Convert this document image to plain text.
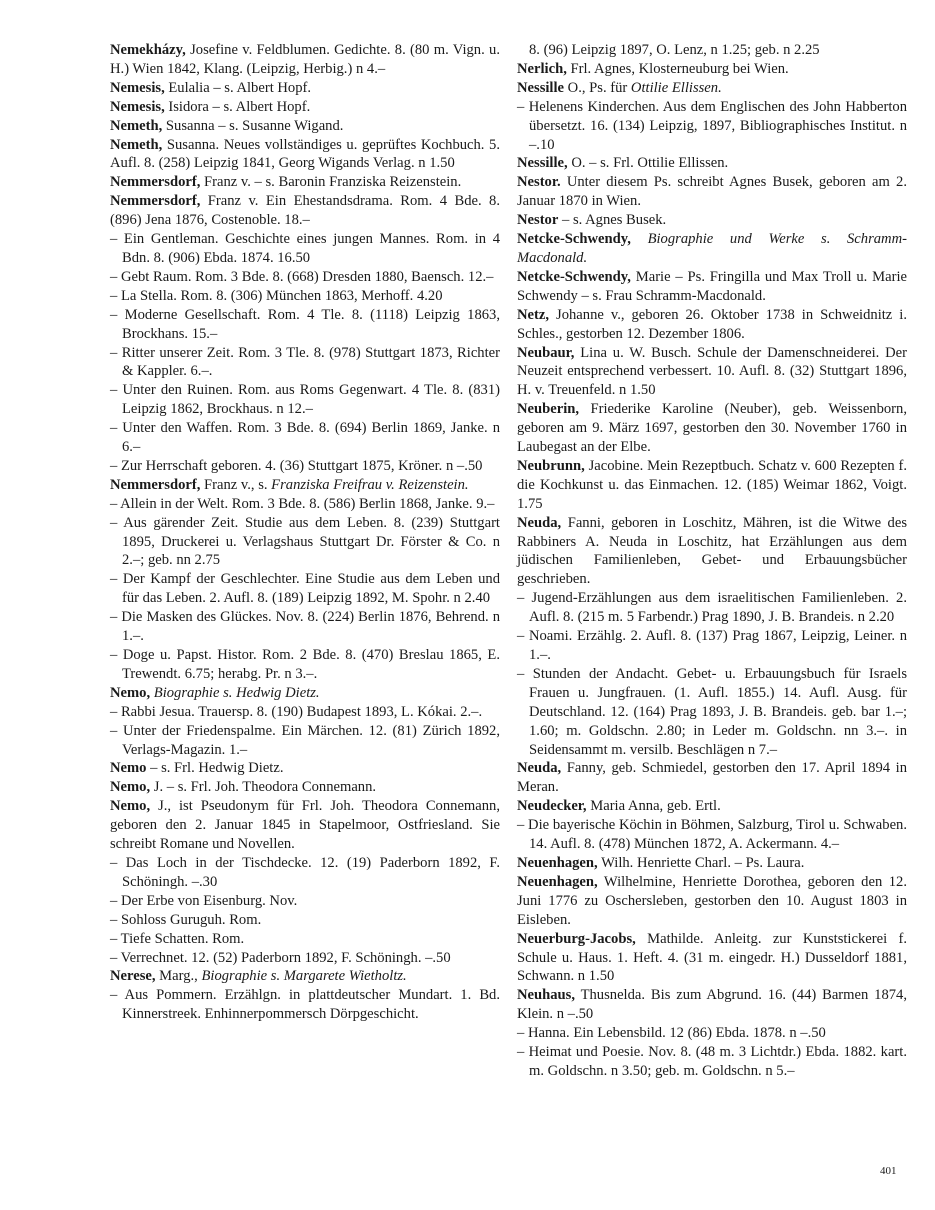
Nemekházy, Josefine v. Feldblumen. Gedichte. 8. (80 m. Vign. u. H.) Wien 1842, Klang. (Leipzig, Herbig.) n 4.–
Nemesis, Eulalia – s. Albert Hopf.
Nemesis, Isidora – s. Albert Hopf.
Nemeth, Susanna – s. Susanne Wigand.
Nemeth, Susanna. Neues vollständiges u. geprüftes Kochbuch. 5. Aufl. 8. (258) Leipzig 1841, Georg Wigands Verlag. n 1.50
Nemmersdorf, Franz v. – s. Baronin Franziska Reizenstein.
Nemmersdorf, Franz v. Ein Ehestandsdrama. Rom. 4 Bde. 8. (896) Jena 1876, Costenoble. 18.–
– Ein Gentleman. Geschichte eines jungen Mannes. Rom. in 4 Bdn. 8. (906) Ebda. 1874. 16.50
– Gebt Raum. Rom. 3 Bde. 8. (668) Dresden 1880, Baensch. 12.–
– La Stella. Rom. 8. (306) München 1863, Merhoff. 4.20
– Moderne Gesellschaft. Rom. 4 Tle. 8. (1118) Leipzig 1863, Brockhans. 15.–
– Ritter unserer Zeit. Rom. 3 Tle. 8. (978) Stuttgart 1873, Richter & Kappler. 6.–.
– Unter den Ruinen. Rom. aus Roms Gegenwart. 4 Tle. 8. (831) Leipzig 1862, Brockhaus. n 12.–
– Unter den Waffen. Rom. 3 Bde. 8. (694) Berlin 1869, Janke. n 6.–
– Zur Herrschaft geboren. 4. (36) Stuttgart 1875, Kröner. n –.50
Nemmersdorf, Franz v., s. Franziska Freifrau v. Reizenstein.
– Allein in der Welt. Rom. 3 Bde. 8. (586) Berlin 1868, Janke. 9.–
– Aus gärender Zeit. Studie aus dem Leben. 8. (239) Stuttgart 1895, Druckerei u. Verlagshaus Stuttgart Dr. Förster & Co. n 2.–; geb. nn 2.75
– Der Kampf der Geschlechter. Eine Studie aus dem Leben und für das Leben. 2. Aufl. 8. (189) Leipzig 1892, M. Spohr. n 2.40
– Die Masken des Glückes. Nov. 8. (224) Berlin 1876, Behrend. n 1.–.
– Doge u. Papst. Histor. Rom. 2 Bde. 8. (470) Breslau 1865, E. Trewendt. 6.75; herabg. Pr. n 3.–.
Nemo, Biographie s. Hedwig Dietz.
– Rabbi Jesua. Trauersp. 8. (190) Budapest 1893, L. Kókai. 2.–.
– Unter der Friedenspalme. Ein Märchen. 12. (81) Zürich 1892, Verlags-Magazin. 1.–
Nemo – s. Frl. Hedwig Dietz.
Nemo, J. – s. Frl. Joh. Theodora Connemann.
Nemo, J., ist Pseudonym für Frl. Joh. Theodora Connemann, geboren den 2. Januar 1845 in Stapelmoor, Ostfriesland. Sie schreibt Romane und Novellen.
– Das Loch in der Tischdecke. 12. (19) Paderborn 1892, F. Schöningh. –.30
– Der Erbe von Eisenburg. Nov.
– Sohloss Guruguh. Rom.
– Tiefe Schatten. Rom.
– Verrechnet. 12. (52) Paderborn 1892, F. Schöningh. –.50
Nerese, Marg., Biographie s. Margarete Wietholtz.
– Aus Pommern. Erzählgn. in plattdeutscher Mundart. 1. Bd. Kinnerstreek. Enhinnerpommersch Dörpgeschicht.
8. (96) Leipzig 1897, O. Lenz, n 1.25; geb. n 2.25
Nerlich, Frl. Agnes, Klosterneuburg bei Wien.
Nessille O., Ps. für Ottilie Ellissen.
– Helenens Kinderchen. Aus dem Englischen des John Habberton übersetzt. 16. (134) Leipzig, 1897, Bibliographisches Institut. n –.10
Nessille, O. – s. Frl. Ottilie Ellissen.
Nestor. Unter diesem Ps. schreibt Agnes Busek, geboren am 2. Januar 1870 in Wien.
Nestor – s. Agnes Busek.
Netcke-Schwendy, Biographie und Werke s. Schramm-Macdonald.
Netcke-Schwendy, Marie – Ps. Fringilla und Max Troll u. Marie Schwendy – s. Frau Schramm-Macdonald.
Netz, Johanne v., geboren 26. Oktober 1738 in Schweidnitz i. Schles., gestorben 12. Dezember 1806.
Neubaur, Lina u. W. Busch. Schule der Damenschneiderei. Der Neuzeit entsprechend verbessert. 10. Aufl. 8. (32) Stuttgart 1896, H. v. Treuenfeld. n 1.50
Neuberin, Friederike Karoline (Neuber), geb. Weissenborn, geboren am 9. März 1697, gestorben den 30. November 1760 in Laubegast an der Elbe.
Neubrunn, Jacobine. Mein Rezeptbuch. Schatz v. 600 Rezepten f. die Kochkunst u. das Einmachen. 12. (185) Weimar 1862, Voigt. 1.75
Neuda, Fanni, geboren in Loschitz, Mähren, ist die Witwe des Rabbiners A. Neuda in Loschitz, hat Erzählungen aus dem jüdischen Familienleben, Gebet- und Erbauungsbücher geschrieben.
– Jugend-Erzählungen aus dem israelitischen Familienleben. 2. Aufl. 8. (215 m. 5 Farbendr.) Prag 1890, J. B. Brandeis. n 2.20
– Noami. Erzählg. 2. Aufl. 8. (137) Prag 1867, Leipzig, Leiner. n 1.–.
– Stunden der Andacht. Gebet- u. Erbauungsbuch für Israels Frauen u. Jungfrauen. (1. Aufl. 1855.) 14. Aufl. Ausg. für Deutschland. 12. (164) Prag 1893, J. B. Brandeis. geb. bar 1.–; 1.60; m. Goldschn. 2.80; in Leder m. Goldschn. nn 3.–. in Seidensammt m. versilb. Beschlägen n 7.–
Neuda, Fanny, geb. Schmiedel, gestorben den 17. April 1894 in Meran.
Neudecker, Maria Anna, geb. Ertl.
– Die bayerische Köchin in Böhmen, Salzburg, Tirol u. Schwaben. 14. Aufl. 8. (478) München 1872, A. Ackermann. 4.–
Neuenhagen, Wilh. Henriette Charl. – Ps. Laura.
Neuenhagen, Wilhelmine, Henriette Dorothea, geboren den 12. Juni 1776 zu Oschersleben, gestorben den 10. August 1803 in Eisleben.
Neuerburg-Jacobs, Mathilde. Anleitg. zur Kunststickerei f. Schule u. Haus. 1. Heft. 4. (31 m. eingedr. H.) Dusseldorf 1881, Schwann. n 1.50
Neuhaus, Thusnelda. Bis zum Abgrund. 16. (44) Barmen 1874, Klein. n –.50
– Hanna. Ein Lebensbild. 12 (86) Ebda. 1878. n –.50
– Heimat und Poesie. Nov. 8. (48 m. 3 Lichtdr.) Ebda. 1882. kart. m. Goldschn. n 3.50; geb. m. Goldschn. n 5.–
401
